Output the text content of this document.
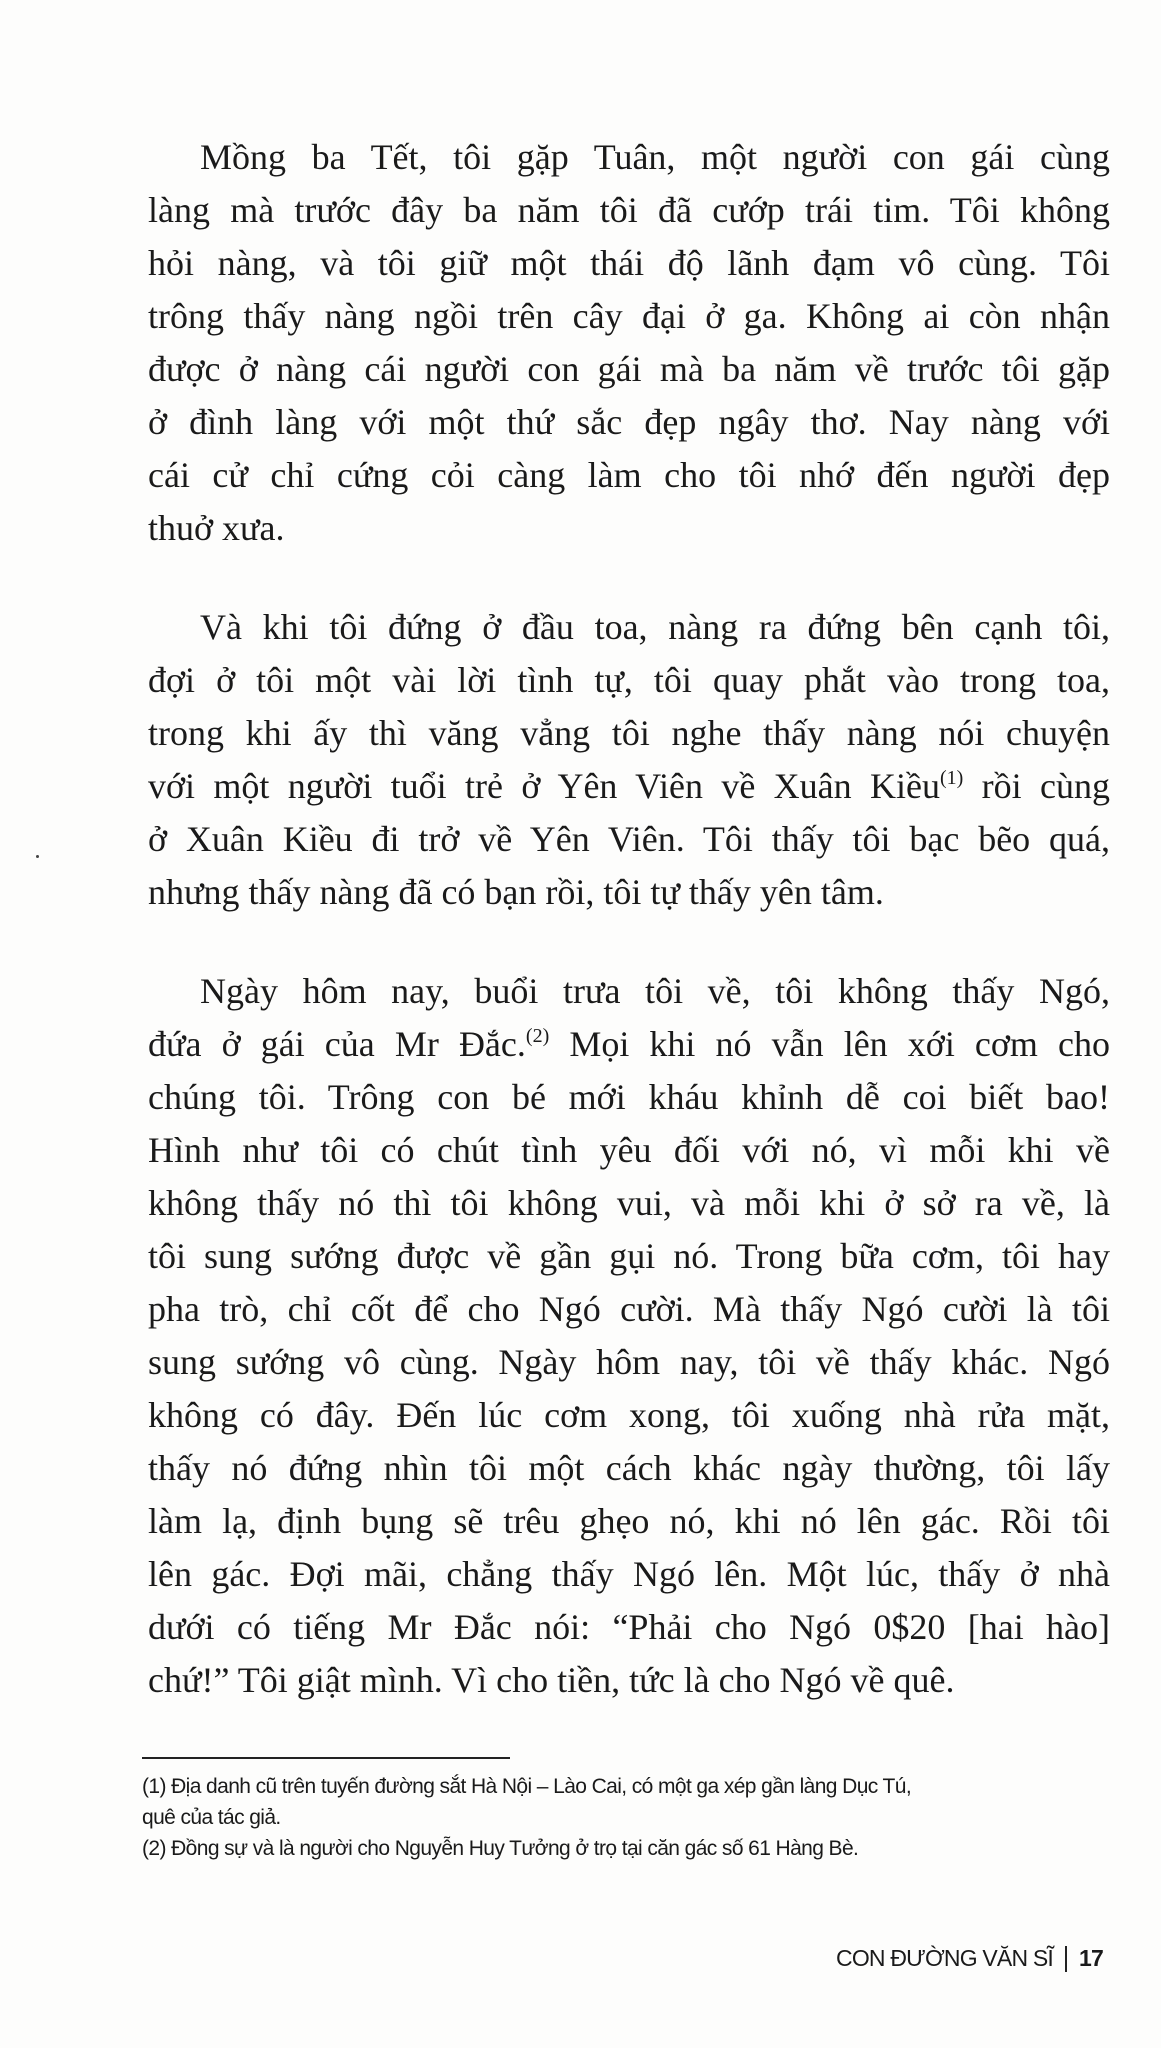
Mồng ba Tết, tôi gặp Tuân, một người con gái cùng
làng mà trước đây ba năm tôi đã cướp trái tim. Tôi không
hỏi nàng, và tôi giữ một thái độ lãnh đạm vô cùng. Tôi
trông thấy nàng ngồi trên cây đại ở ga. Không ai còn nhận
được ở nàng cái người con gái mà ba năm về trước tôi gặp
ở đình làng với một thứ sắc đẹp ngây thơ. Nay nàng với
cái cử chỉ cứng cỏi càng làm cho tôi nhớ đến người đẹp
thuở xưa.
Và khi tôi đứng ở đầu toa, nàng ra đứng bên cạnh tôi,
đợi ở tôi một vài lời tình tự, tôi quay phắt vào trong toa,
trong khi ấy thì văng vẳng tôi nghe thấy nàng nói chuyện
với một người tuổi trẻ ở Yên Viên về Xuân Kiều$^{(1)}$ rồi cùng
ở Xuân Kiều đi trở về Yên Viên. Tôi thấy tôi bạc bẽo quá,
nhưng thấy nàng đã có bạn rồi, tôi tự thấy yên tâm.
Ngày hôm nay, buổi trưa tôi về, tôi không thấy Ngó,
đứa ở gái của Mr Đắc.$^{(2)}$ Mọi khi nó vẫn lên xới cơm cho
chúng tôi. Trông con bé mới kháu khỉnh dễ coi biết bao!
Hình như tôi có chút tình yêu đối với nó, vì mỗi khi về
không thấy nó thì tôi không vui, và mỗi khi ở sở ra về, là
tôi sung sướng được về gần gụi nó. Trong bữa cơm, tôi hay
pha trò, chỉ cốt để cho Ngó cười. Mà thấy Ngó cười là tôi
sung sướng vô cùng. Ngày hôm nay, tôi về thấy khác. Ngó
không có đây. Đến lúc cơm xong, tôi xuống nhà rửa mặt,
thấy nó đứng nhìn tôi một cách khác ngày thường, tôi lấy
làm lạ, định bụng sẽ trêu ghẹo nó, khi nó lên gác. Rồi tôi
lên gác. Đợi mãi, chẳng thấy Ngó lên. Một lúc, thấy ở nhà
dưới có tiếng Mr Đắc nói: “Phải cho Ngó 0$20 [hai hào]
chứ!” Tôi giật mình. Vì cho tiền, tức là cho Ngó về quê.
(1) Địa danh cũ trên tuyến đường sắt Hà Nội – Lào Cai, có một ga xép gần làng Dục Tú,
quê của tác giả.
(2) Đồng sự và là người cho Nguyễn Huy Tưởng ở trọ tại căn gác số 61 Hàng Bè.
CON ĐƯỜNG VĂN SĨ 17
